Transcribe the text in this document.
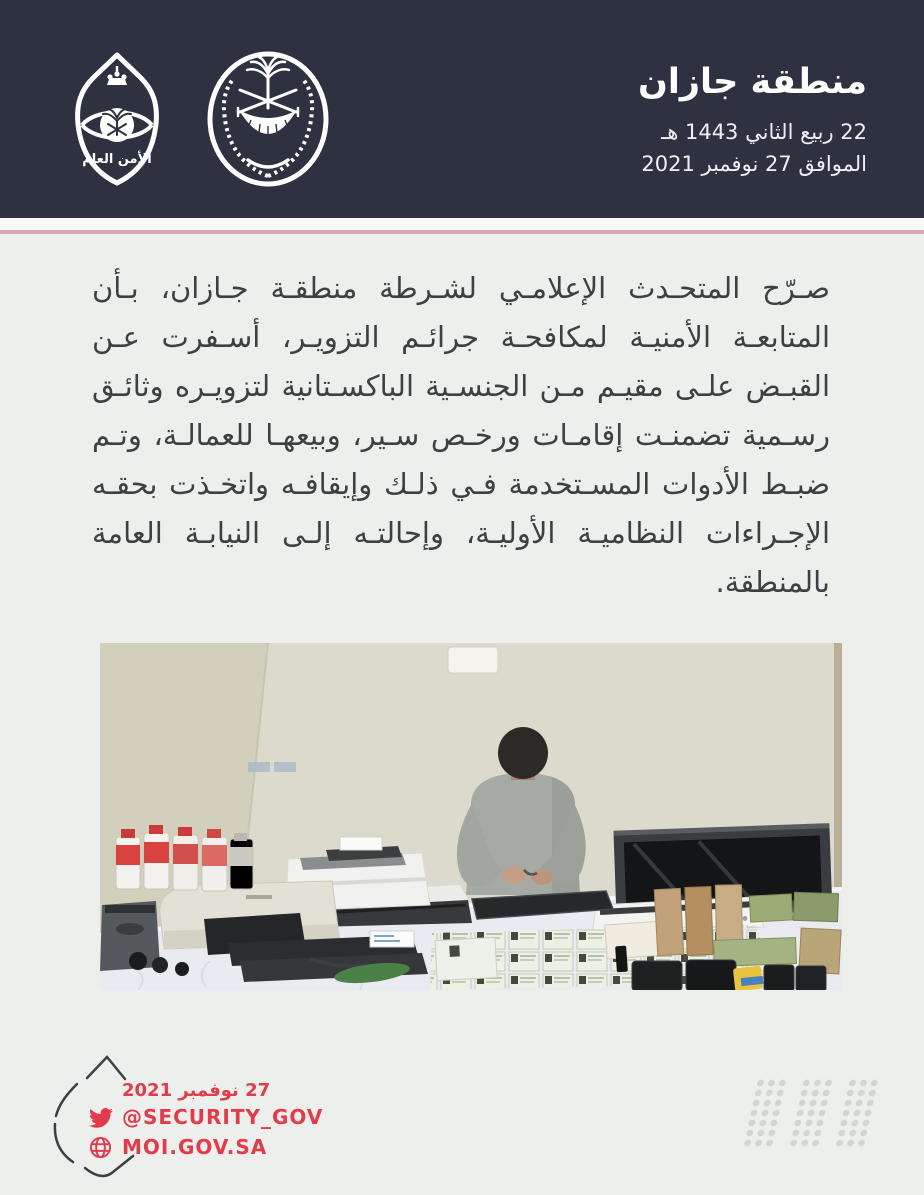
الأمن العام
منطقة جازان
22 ربيع الثاني 1443 هـ
الموافق 27 نوفمبر 2021

صـرّح المتحـدث الإعلامـي لشـرطة منطقـة جـازان، بـأن المتابعـة الأمنيـة لمكافحـة جرائـم التزويـر، أسـفرت عـن القبـض علـى مقيـم مـن الجنسـية الباكسـتانية لتزويـره وثائـق رسـمية تضمنـت إقامـات ورخـص سـير، وبيعهـا للعمالـة، وتـم ضبـط الأدوات المسـتخدمة فـي ذلـك وإيقافـه واتخـذت بحقـه الإجـراءات النظاميـة الأوليـة، وإحالتـه إلـى النيابـة العامة بالمنطقة.

27 نوفمبر 2021
@SECURITY_GOV
MOI.GOV.SA
